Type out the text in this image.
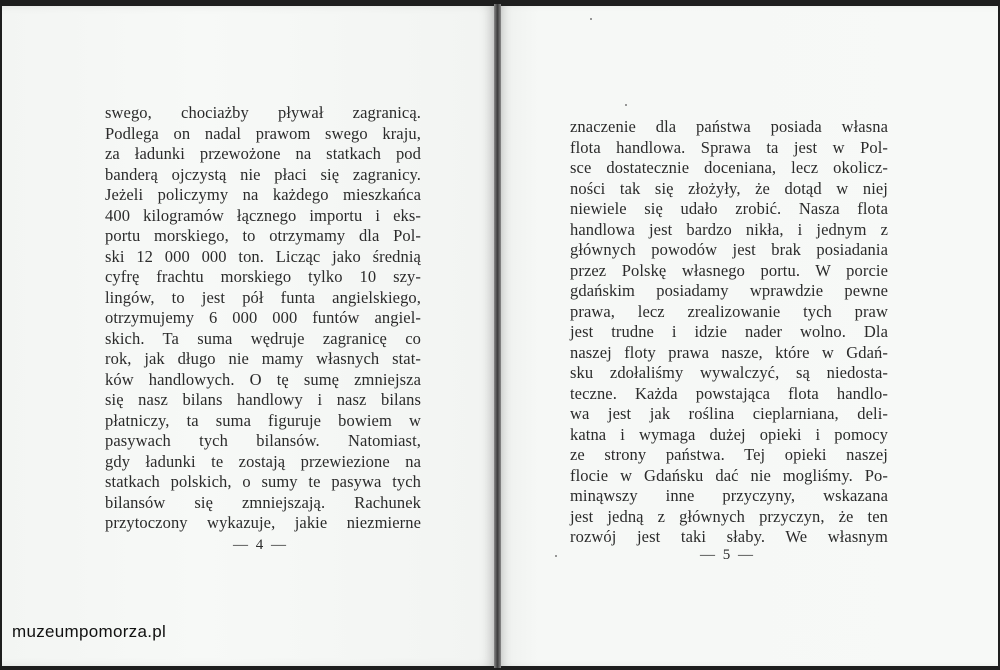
swego, chociażby pływał zagranicą.
Podlega on nadal prawom swego kraju,
za ładunki przewożone na statkach pod
banderą ojczystą nie płaci się zagranicy.
Jeżeli policzymy na każdego mieszkańca
400 kilogramów łącznego importu i eks-
portu morskiego, to otrzymamy dla Pol-
ski 12 000 000 ton. Licząc jako średnią
cyfrę frachtu morskiego tylko 10 szy-
lingów, to jest pół funta angielskiego,
otrzymujemy 6 000 000 funtów angiel-
skich. Ta suma wędruje zagranicę co
rok, jak długo nie mamy własnych stat-
ków handlowych. O tę sumę zmniejsza
się nasz bilans handlowy i nasz bilans
płatniczy, ta suma figuruje bowiem w
pasywach tych bilansów. Natomiast,
gdy ładunki te zostają przewiezione na
statkach polskich, o sumy te pasywa tych
bilansów się zmniejszają. Rachunek
przytoczony wykazuje, jakie niezmierne
znaczenie dla państwa posiada własna
flota handlowa. Sprawa ta jest w Pol-
sce dostatecznie doceniana, lecz okolicz-
ności tak się złożyły, że dotąd w niej
niewiele się udało zrobić. Nasza flota
handlowa jest bardzo nikła, i jednym z
głównych powodów jest brak posiadania
przez Polskę własnego portu. W porcie
gdańskim posiadamy wprawdzie pewne
prawa, lecz zrealizowanie tych praw
jest trudne i idzie nader wolno. Dla
naszej floty prawa nasze, które w Gdań-
sku zdołaliśmy wywalczyć, są niedosta-
teczne. Każda powstająca flota handlo-
wa jest jak roślina cieplarniana, deli-
katna i wymaga dużej opieki i pomocy
ze strony państwa. Tej opieki naszej
flocie w Gdańsku dać nie mogliśmy. Po-
minąwszy inne przyczyny, wskazana
jest jedną z głównych przyczyn, że ten
rozwój jest taki słaby. We własnym
— 4 —
— 5 —
muzeumpomorza.pl
